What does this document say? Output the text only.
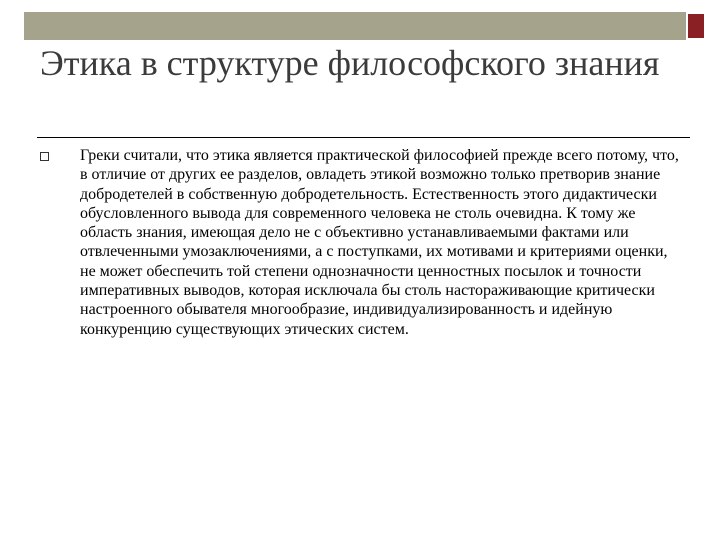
Этика в структуре философского знания

Греки считали, что этика является практической философией прежде всего потому, что, в отличие от других ее разделов, овладеть этикой возможно только претворив знание добродетелей в собственную добродетельность. Естественность этого дидактически обусловленного вывода для современного человека не столь очевидна. К тому же область знания, имеющая дело не с объективно устанавливаемыми фактами или отвлеченными умозаключениями, а с поступками, их мотивами и критериями оценки, не может обеспечить той степени однозначности ценностных посылок и точности императивных выводов, которая исключала бы столь настораживающие критически настроенного обывателя многообразие, индивидуализированность и идейную конкуренцию существующих этических систем.
